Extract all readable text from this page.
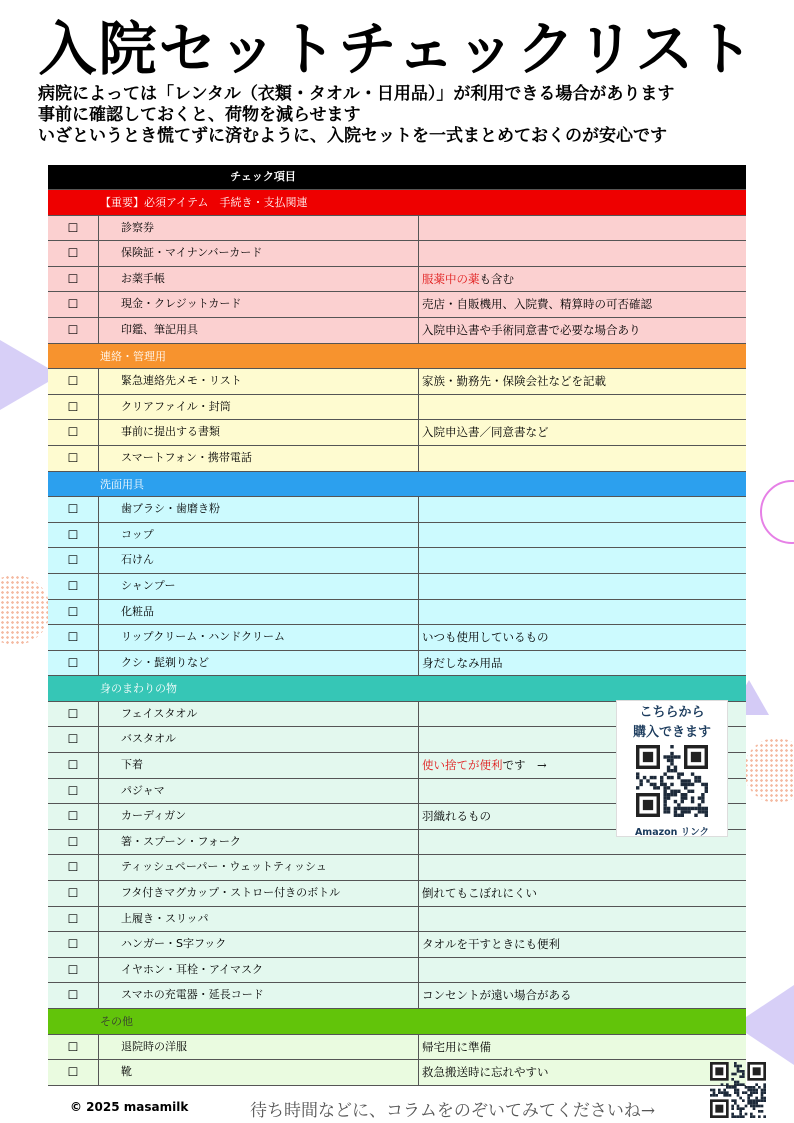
入院セットチェックリスト
病院によっては「レンタル（衣類・タオル・日用品）」が利用できる場合があります
事前に確認しておくと、荷物を減らせます
いざというとき慌てずに済むように、入院セットを一式まとめておくのが安心です
チェック項目
【重要】必須アイテム　手続き・支払関連
☐	診察券
☐	保険証・マイナンバーカード
☐	お薬手帳	服薬中の薬も含む
☐	現金・クレジットカード	売店・自販機用、入院費、精算時の可否確認
☐	印鑑、筆記用具	入院申込書や手術同意書で必要な場合あり
連絡・管理用
☐	緊急連絡先メモ・リスト	家族・勤務先・保険会社などを記載
☐	クリアファイル・封筒
☐	事前に提出する書類	入院申込書／同意書など
☐	スマートフォン・携帯電話
洗面用具
☐	歯ブラシ・歯磨き粉
☐	コップ
☐	石けん
☐	シャンプー
☐	化粧品
☐	リップクリーム・ハンドクリーム	いつも使用しているもの
☐	クシ・髭剃りなど	身だしなみ用品
身のまわりの物
☐	フェイスタオル
☐	バスタオル
☐	下着	使い捨てが便利です　→
☐	パジャマ
☐	カーディガン	羽織れるもの
☐	箸・スプーン・フォーク
☐	ティッシュペーパー・ウェットティッシュ
☐	フタ付きマグカップ・ストロー付きのボトル	倒れてもこぼれにくい
☐	上履き・スリッパ
☐	ハンガー・S字フック	タオルを干すときにも便利
☐	イヤホン・耳栓・アイマスク
☐	スマホの充電器・延長コード	コンセントが遠い場合がある
その他
☐	退院時の洋服	帰宅用に準備
☐	靴	救急搬送時に忘れやすい
こちらから
購入できます
Amazon リンク
© 2025 masamilk	待ち時間などに、コラムをのぞいてみてくださいね→
